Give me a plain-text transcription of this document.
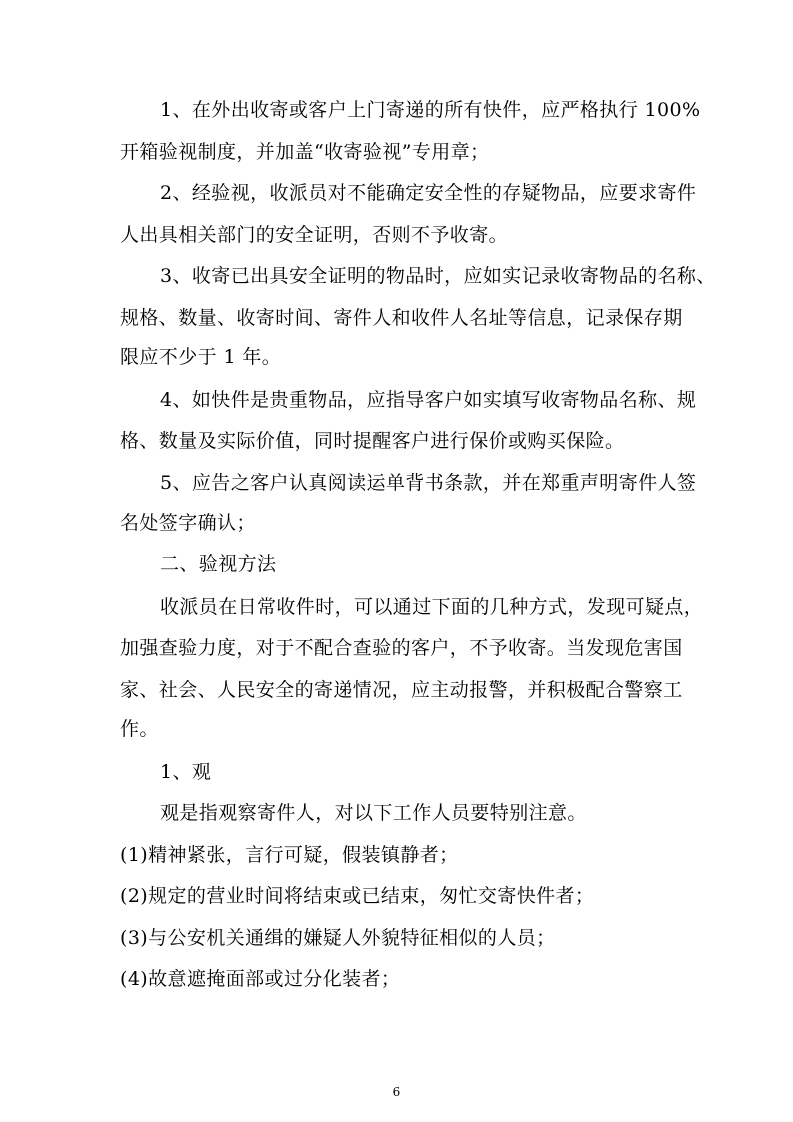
1、在外出收寄或客户上门寄递的所有快件，应严格执行 100%
开箱验视制度，并加盖“收寄验视”专用章；
2、经验视，收派员对不能确定安全性的存疑物品，应要求寄件
人出具相关部门的安全证明，否则不予收寄。
3、收寄已出具安全证明的物品时，应如实记录收寄物品的名称、
规格、数量、收寄时间、寄件人和收件人名址等信息，记录保存期
限应不少于 1 年。
4、如快件是贵重物品，应指导客户如实填写收寄物品名称、规
格、数量及实际价值，同时提醒客户进行保价或购买保险。
5、应告之客户认真阅读运单背书条款，并在郑重声明寄件人签
名处签字确认；
二、验视方法
收派员在日常收件时，可以通过下面的几种方式，发现可疑点，
加强查验力度，对于不配合查验的客户，不予收寄。当发现危害国
家、社会、人民安全的寄递情况，应主动报警，并积极配合警察工
作。
1、观
观是指观察寄件人，对以下工作人员要特别注意。
(1)精神紧张，言行可疑，假装镇静者；
(2)规定的营业时间将结束或已结束，匆忙交寄快件者；
(3)与公安机关通缉的嫌疑人外貌特征相似的人员；
(4)故意遮掩面部或过分化装者；
6
